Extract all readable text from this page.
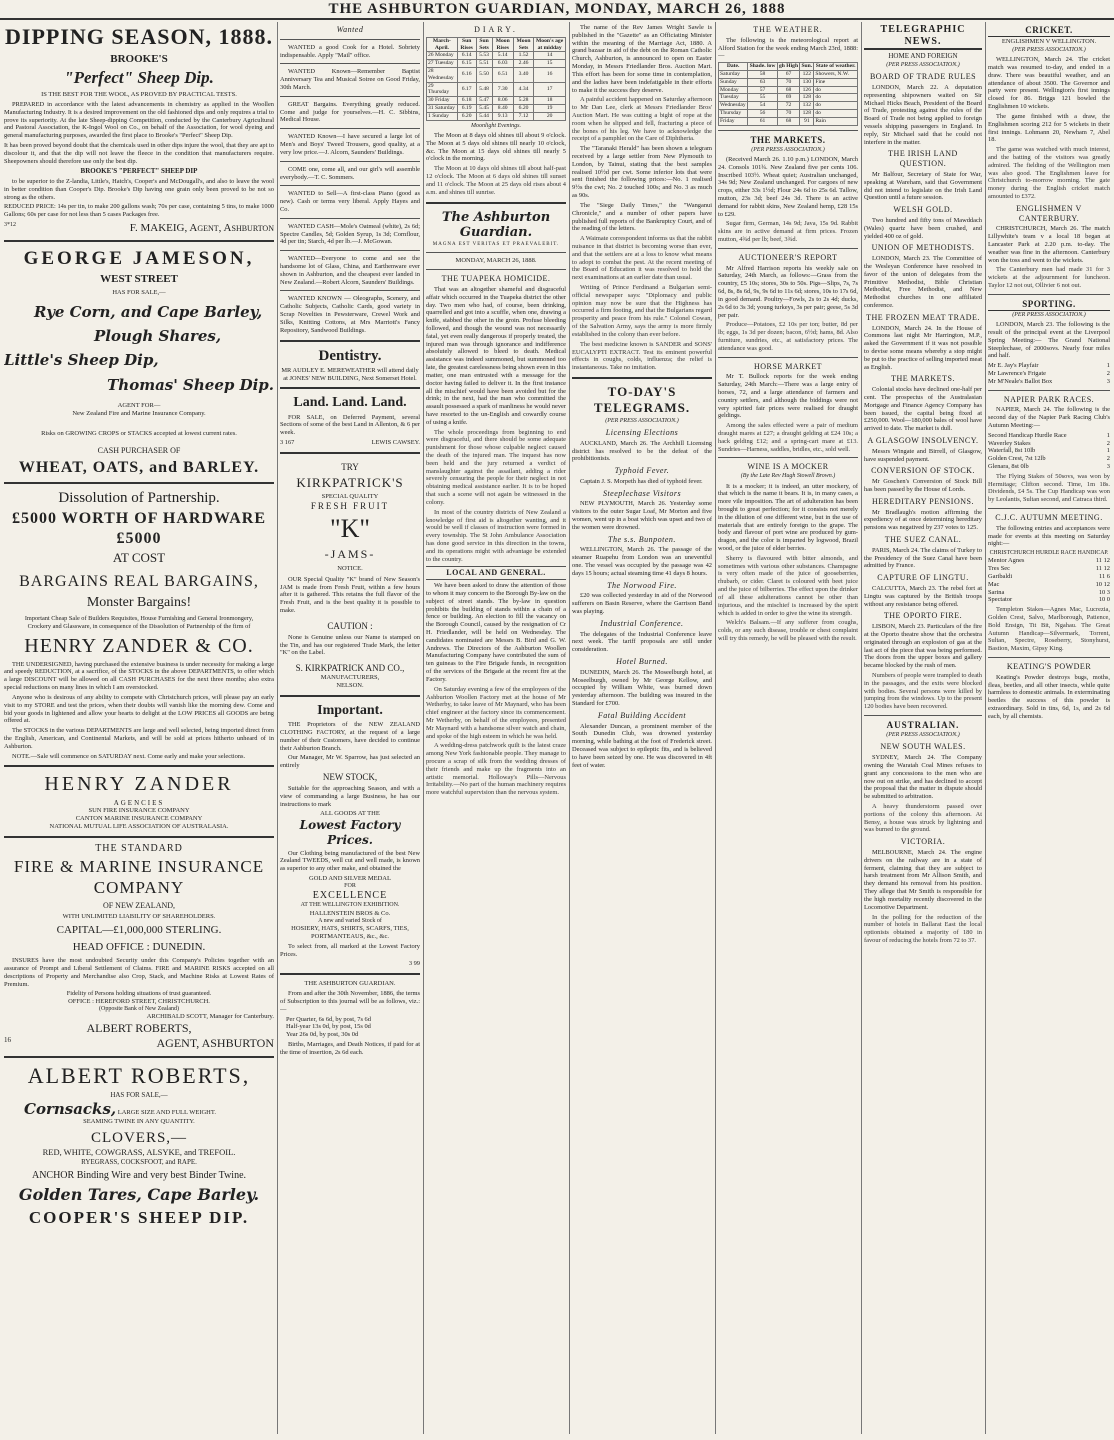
THE ASHBURTON GUARDIAN, MONDAY, MARCH 26, 1888
DIPPING SEASON, 1888.
BROOKE'S
"Perfect" Sheep Dip.
IS THE BEST FOR THE WOOL, AS PROVED BY PRACTICAL TESTS.
PREPARED in accordance with the latest advancements in chemistry as applied in the Woollen Manufacturing Industry. It is a desired improvement on the old fashioned dips and only requires a trial to prove its superiority. At the late Sheep-dipping Competition, conducted by the Canterbury Agricultural and Pastoral Association, the K-Ingol Wool on Co., on behalf of the Association, for wool dyeing and general manufacturing purposes, awarded the first place to Brooke's "Perfect" Sheep Dip.
It has been proved beyond doubt that the chemicals used in other dips injure the wool, that they are apt to discolour it, and that the dip will not leave the fleece in the condition that manufacturers require. Sheepowners should therefore use only the best dip.
BROOKE'S "PERFECT" SHEEP DIP
to be superior to the Z-landia, Little's, Hatch's, Cooper's and McDougall's, and also to leave the wool in better condition than Cooper's Dip. Brooke's Dip having one grain only been proved to be not so strong as the others.
REDUCED PRICE: 14s per tin, to make 200 gallons wash; 70s per case, containing 5 tins, to make 1000 Gallons; 60s per case for not less than 5 cases Packages free.
3*12	F. MAKEIG, Agent, Ashburton
GEORGE JAMESON,
WEST STREET
HAS FOR SALE,—
Rye Corn, and Cape Barley,
Plough Shares,
Little's Sheep Dip,
Thomas' Sheep Dip.
AGENT FOR—
New Zealand Fire and Marine Insurance Company.
Risks on GROWING CROPS or STACKS accepted at lowest current rates.
CASH PURCHASER OF
WHEAT, OATS, and BARLEY.
Dissolution of Partnership.
£5000 WORTH OF HARDWARE £5000
AT COST
BARGAINS REAL BARGAINS,
Monster Bargains!
Important Cheap Sale of Builders Requisites, House Furnishing and General Ironmongery, Crockery and Glassware, in consequence of the Dissolution of Partnership of the firm of
HENRY ZANDER & CO.
THE UNDERSIGNED, having purchased the extensive business is under necessity for making a large and speedy REDUCTION, at a sacrifice, of the STOCKS in the above DEPARTMENTS, to offer which a large DISCOUNT will be allowed on all CASH PURCHASES for the next three months; also extra special reductions on many lines in which I am overstocked.
Anyone who is desirous of any ability to compete with Christchurch prices, will please pay an early visit to my STORE and test the prices, when their doubts will vanish like the morning dew. Come and bid your goods in lightened and allow your hearts to delight at the LOW PRICES all GOODS are being offered at.
The STOCKS in the various DEPARTMENTS are large and well selected, being imported direct from the English, American, and Continental Markets, and will be sold at prices hitherto unheard of in Ashburton.
NOTE.—Sale will commence on SATURDAY next. Come early and make your selections.
HENRY ZANDER
AGENCIES
SUN FIRE INSURANCE COMPANY
CANTON MARINE INSURANCE COMPANY
NATIONAL MUTUAL LIFE ASSOCIATION OF AUSTRALASIA.
THE STANDARD
FIRE & MARINE INSURANCE COMPANY
OF NEW ZEALAND,
WITH UNLIMITED LIABILITY OF SHAREHOLDERS.
CAPITAL—£1,000,000 STERLING.
HEAD OFFICE : DUNEDIN.
INSURES have the most undoubted Security under this Company's Policies together with an assurance of Prompt and Liberal Settlement of Claims. FIRE and MARINE RISKS accepted on all descriptions of Property and Merchandise also Crop, Stack, and Machine Risks at Lowest Rates of Premium.
Fidelity of Persons holding situations of trust guaranteed.
OFFICE : HEREFORD STREET, CHRISTCHURCH.
(Opposite Bank of New Zealand)
ARCHIBALD SCOTT, Manager for Canterbury.
ALBERT ROBERTS,
16	AGENT, ASHBURTON
ALBERT ROBERTS,
HAS FOR SALE,—
Cornsacks, LARGE SIZE AND FULL WEIGHT.
SEAMING TWINE IN ANY QUANTITY.
CLOVERS,—
RED, WHITE, COWGRASS, ALSYKE, and TREFOIL.
RYEGRASS, COCKSFOOT, and RAPE.
ANCHOR Binding Wire and very best Binder Twine.
Golden Tares, Cape Barley.
COOPER'S SHEEP DIP.
Wanted
WANTED a good Cook for a Hotel. Sobriety indispensable. Apply "Mail" office.
WANTED Known—Remember Baptist Anniversary Tea and Musical Soiree on Good Friday, 30th March.
GREAT Bargains. Everything greatly reduced. Come and judge for yourselves.—H. C. Sibbins, Medical House.
WANTED Known—I have secured a large lot of Men's and Boys' Tweed Trousers, good quality, at a very low price.—J. Alcorn, Saunders' Buildings.
COME one, come all, and our girl's will assemble everybody.—T. C. Sommers.
WANTED to Sell—A first-class Piano (good as new). Cash or terms very liberal. Apply Hayes and Co.
WANTED CASH—Mole's Oatmeal (white), 2s 6d; Spectre Candles, 5d; Golden Syrup, 1s 3d; Cornflour, 4d per tin; Starch, 4d per lb.—J. McGowan.
WANTED—Everyone to come and see the handsome lot of Glass, China, and Earthenware ever shown in Ashburton, and the cheapest ever landed in New Zealand.—Robert Alcorn, Saunders' Buildings.
WANTED KNOWN — Oleographs, Scenery, and Catholic Subjects, Catholic Cards, good variety in Scrap Novelties in Pewsterware, Crewel Work and Silks, Knitting Cottons, at Mrs Marriott's Fancy Repository, Sandwood Buildings.
Dentistry.
MR AUDLEY E. MEREWEATHER will attend daily at JONES' NEW BUILDING, Next Somerset Hotel.
Land. Land. Land.
FOR SALE, on Deferred Payment, several Sections of some of the best Land in Allenton, & 6 per week.
3 167	LEWIS CAWSEY.
TRY
KIRKPATRICK'S
SPECIAL QUALITY
FRESH FRUIT
"K"
-JAMS-
NOTICE.
OUR Special Quality "K" brand of New Season's JAM is made from Fresh Fruit, within a few hours after it is gathered. This retains the full flavor of the Fresh Fruit, and is the best quality it is possible to make.
CAUTION :
None is Genuine unless our Name is stamped on the Tin, and has our registered Trade Mark, the letter "K" on the Label.
S. KIRKPATRICK AND CO.,
MANUFACTURERS,
NELSON.
Important.
THE Proprietors of the NEW ZEALAND CLOTHING FACTORY, at the request of a large number of their Customers, have decided to continue their Ashburton Branch.
Our Manager, Mr W. Sparrow, has just selected an entirely
NEW STOCK,
Suitable for the approaching Season, and with a view of commanding a large Business, he has our instructions to mark
ALL GOODS AT THE
Lowest Factory Prices.
Our Clothing being manufactured of the best New Zealand TWEEDS, well cut and well made, is known as superior to any other make, and obtained the
GOLD AND SILVER MEDAL
FOR
EXCELLENCE
AT THE WELLINGTON EXHIBITION.
HALLENSTEIN BROS & Co.
A new and varied Stock of
HOSIERY, HATS, SHIRTS, SCARFS, TIES, PORTMANTEAUS, &c., &c.
To select from, all marked at the Lowest Factory Prices.
3 99
THE ASHBURTON GUARDIAN.
From and after the 30th November, 1886, the terms of Subscription to this journal will be as follows, viz.:—
Per Quarter, 6s 6d, by post, 7s 6d
Half-year 13s 0d, by post, 15s 0d
Year 26s 0d, by post, 30s 0d
Births, Marriages, and Death Notices, if paid for at the time of insertion, 2s 6d each.
DIARY.
March-April.	Sun Rises	Sun Sets	Moon Rises	Moon Sets	Moon's age at midday
26 Monday	6.14	5.53	5.14	1.52	14
27 Tuesday	6.15	5.51	6.03	2.46	15
28 Wednesday	6.16	5.50	6.51	3.40	16
29 Thursday	6.17	5.48	7.30	4.34	17
30 Friday	6.18	5.47	8.06	5.28	18
31 Saturday	6.19	5.45	8.40	6.20	19
1 Sunday	6.20	5.44	9.13	7.12	20
Moonlight Evenings.
The Moon at 8 days old shines till about 9 o'clock. The Moon at 5 days old shines till nearly 10 o'clock, &c. The Moon at 15 days old shines till nearly 5 o'clock in the morning.
The Moon at 10 days old shines till about half-past 12 o'clock. The Moon at 6 days old shines till sunset and 11 o'clock. The Moon at 25 days old rises about 4 a.m. and shines till sunrise.
The Ashburton Guardian.
MAGNA EST VERITAS ET PRAEVALEBIT.
MONDAY, MARCH 26, 1888.
THE TUAPEKA HOMICIDE.
That was an altogether shameful and disgraceful affair which occurred in the Tuapeka district the other day. Two men who had, of course, been drinking, quarrelled and got into a scuffle, when one, drawing a knife, stabbed the other in the groin. Profuse bleeding followed, and though the wound was not necessarily fatal, yet even really dangerous if properly treated, the injured man was through ignorance and indifference absolutely allowed to bleed to death. Medical assistance was indeed summoned, but summoned too late, the greatest carelessness being shown even in this matter, one man entrusted with a message for the doctor having failed to deliver it. In the first instance all the mischief would have been avoided but for the drink; in the next, had the man who committed the assault possessed a spark of manliness he would never have resorted to the un-English and cowardly course of using a knife.
The whole proceedings from beginning to end were disgraceful, and there should be some adequate punishment for those whose culpable neglect caused the death of the injured man. The inquest has now been held and the jury returned a verdict of manslaughter against the assailant, adding a rider severely censuring the people for their neglect in not obtaining medical assistance earlier. It is to be hoped that such a scene will not again be witnessed in the colony.
In most of the country districts of New Zealand a knowledge of first aid is altogether wanting, and it would be well if classes of instruction were formed in every township. The St John Ambulance Association has done good service in this direction in the towns, and its operations might with advantage be extended to the country.
LOCAL AND GENERAL.
We have been asked to draw the attention of those to whom it may concern to the Borough By-law on the subject of street stands. The by-law in question prohibits the building of stands within a chain of a fence or building. An election to fill the vacancy on the Borough Council, caused by the resignation of Cr H. Friedlander, will be held on Wednesday. The candidates nominated are Messrs B. Bird and G. W. Andrews. The Directors of the Ashburton Woollen Manufacturing Company have contributed the sum of ten guineas to the Fire Brigade funds, in recognition of the services of the Brigade at the recent fire at the Factory.
On Saturday evening a few of the employees of the Ashburton Woollen Factory met at the house of Mr Wetherby, to take leave of Mr Maynard, who has been chief engineer at the factory since its commencement. Mr Wetherby, on behalf of the employees, presented Mr Maynard with a handsome silver watch and chain, and spoke of the high esteem in which he was held.
A wedding-dress patchwork quilt is the latest craze among New York fashionable people. They manage to procure a scrap of silk from the wedding dresses of their friends and make up the fragments into an artistic memorial. Holloway's Pills—Nervous Irritability.—No part of the human machinery requires more watchful supervision than the nervous system.
The name of the Rev James Wright Sawle is published in the "Gazette" as an Officiating Minister within the meaning of the Marriage Act, 1880. A grand bazaar in aid of the debt on the Roman Catholic Church, Ashburton, is announced to open on Easter Monday, in Messrs Friedlander Bros. Auction Mart. This effort has been for some time in contemplation, and the ladies have been indefatigable in their efforts to make it the success they deserve.
A painful accident happened on Saturday afternoon to Mr Dan Lee, clerk at Messrs Friedlander Bros' Auction Mart. He was cutting a bight of rope at the room when he slipped and fell, fracturing a piece of the bones of his leg. We have to acknowledge the receipt of a pamphlet on the Care of Diphtheria.
The "Taranaki Herald" has been shown a telegram received by a large settler from New Plymouth to London, by Tainui, stating that the best samples realised 10½d per cwt. Some inferior lots that were sent finished the following prices:—No. 1 realised 9½s the cwt; No. 2 touched 100s; and No. 3 as much as 90s.
The "Siege Daily Times," the "Wanganui Chronicle," and a number of other papers have published full reports of the Bankruptcy Court, and of the reading of the letters.
A Waimate correspondent informs us that the rabbit nuisance in that district is becoming worse than ever, and that the settlers are at a loss to know what means to adopt to combat the pest. At the recent meeting of the Board of Education it was resolved to hold the next examinations at an earlier date than usual.
Writing of Prince Ferdinand a Bulgarian semi-official newspaper says: "Diplomacy and public opinion may now be sure that the Highness has occurred a firm footing, and that the Bulgarians regard prosperity and peace from his rule." Colonel Cowan, of the Salvation Army, says the army is more firmly established in the colony than ever before.
The best medicine known is SANDER and SONS' EUCALYPTI EXTRACT. Test its eminent powerful effects in coughs, colds, influenza; the relief is instantaneous. Take no imitation.
TO-DAY'S TELEGRAMS.
(PER PRESS ASSOCIATION.)
Licensing Elections
AUCKLAND, March 26. The Archhill Licensing district has resolved to be the defeat of the prohibitionists.
Typhoid Fever.
Captain J. S. Morpeth has died of typhoid fever.
Steeplechase Visitors
NEW PLYMOUTH, March 26. Yesterday some visitors to the outer Sugar Loaf, Mr Morton and five women, went up in a boat which was upset and two of the women were drowned.
The s.s. Bunpoten.
WELLINGTON, March 26. The passage of the steamer Ruapehu from London was an uneventful one. The vessel was occupied by the passage was 42 days 15 hours; actual steaming time 41 days 8 hours.
The Norwood Fire.
£20 was collected yesterday in aid of the Norwood sufferers on Basin Reserve, where the Garrison Band was playing.
Industrial Conference.
The delegates of the Industrial Conference leave next week. The tariff proposals are still under consideration.
Hotel Burned.
DUNEDIN, March 26. The Moseelburgh hotel, at Moseelburgh, owned by Mr George Kellow, and occupied by William White, was burned down yesterday afternoon. The building was insured in the Standard for £700.
Fatal Building Accident
Alexander Duncan, a prominent member of the South Dunedin Club, was drowned yesterday morning, while bathing at the foot of Frederick street. Deceased was subject to epileptic fits, and is believed to have been seized by one. He was discovered in 4ft feet of water.
THE WEATHER.
The following is the meteorological report at Alford Station for the week ending March 23rd, 1888:—
Date.	Shade. low	gh High	Sun.	State of weather.
Saturday	58	67	122	Showers, N.W.
Sunday	63	70	130	Fine
Monday	57	68	126	do
Tuesday	55	69	128	do
Wednesday	54	72	132	do
Thursday	56	70	128	do
Friday	61	68	91	Rain
THE MARKETS.
(PER PRESS ASSOCIATION.)
(Received March 26. 1.10 p.m.) LONDON, March 24. Consols 101¾. New Zealand five per cents 106. Inscribed 103½. Wheat quiet; Australian unchanged, 34s 9d; New Zealand unchanged. For cargoes of new crops, either 33s 1½d; Flour 24s 6d to 25s 6d. Tallow, mutton, 23s 3d; beef 24s 3d. There is an active demand for rabbit skins, New Zealand hemp, £28 15s to £29.
Sugar firm, German, 14s 9d; Java, 15s 9d. Rabbit skins are in active demand at firm prices. Frozen mutton, 4¾d per lb; beef, 3¾d.
AUCTIONEER'S REPORT
Mr Alfred Harrison reports his weekly sale on Saturday, 24th March, as follows:—Grass from the country, £5 10s; stores, 30s to 50s. Pigs—Slips, 7s, 7s 6d, 8s, 8s 6d, 9s, 9s 6d to 11s 6d; stores, 10s to 17s 6d, in good demand. Poultry—Fowls, 2s to 2s 4d; ducks, 2s 6d to 3s 3d; young turkeys, 3s per pair; geese, 5s 3d per pair.
Produce—Potatoes, £2 10s per ton; butter, 8d per lb; eggs, 1s 3d per dozen; bacon, 6½d; hams, 8d. Also furniture, sundries, etc., at satisfactory prices. The attendance was good.
HORSE MARKET
Mr T. Bullock reports for the week ending Saturday, 24th March:—There was a large entry of horses, 72, and a large attendance of farmers and country settlers, and although the biddings were not very spirited fair prices were realised for draught geldings.
Among the sales effected were a pair of medium draught mares at £27; a draught gelding at £24 10s; a hack gelding £12; and a spring-cart mare at £13. Sundries—Harness, saddles, bridles, etc., sold well.
WINE IS A MOCKER
(By the Late Rev Hugh Stowell Brown.)
It is a mocker; it is indeed, an utter mockery, of that which is the name it bears. It is, in many cases, a more vile imposition. The art of adulteration has been brought to great perfection; for it consists not merely in the dilution of one different wine, but in the use of materials that are entirely foreign to the grape. The body and flavour of port wine are produced by gum-dragon, and the color is imparted by logwood, Brazil wood, or the juice of elder berries.
Sherry is flavoured with bitter almonds, and sometimes with various other substances. Champagne is very often made of the juice of gooseberries, rhubarb, or cider. Claret is coloured with beet juice and the juice of bilberries. The effect upon the drinker of all these adulterations cannot be other than injurious, and the mischief is increased by the spirit which is added in order to give the wine its strength.
Welch's Balsam.—If any sufferer from coughs, colds, or any such disease, trouble or chest complaint will try this remedy, he will be pleased with the result.
TELEGRAPHIC NEWS.
HOME AND FOREIGN
(PER PRESS ASSOCIATION.)
BOARD OF TRADE RULES
LONDON, March 22. A deputation representing shipowners waited on Sir Michael Hicks Beach, President of the Board of Trade, protesting against the rules of the Board of Trade not being applied to foreign vessels shipping passengers in England. In reply, Sir Michael said that he could not interfere in the matter.
THE IRISH LAND QUESTION.
Mr Balfour, Secretary of State for War, speaking at Wareham, said that Government did not intend to legislate on the Irish Land Question until a future session.
WELSH GOLD.
Two hundred and fifty tons of Mawddach (Wales) quartz have been crushed, and yielded 400 oz of gold.
UNION OF METHODISTS.
LONDON, March 23. The Committee of the Wesleyan Conference have resolved in favor of the union of delegates from the Primitive Methodist, Bible Christian Methodist, Free Methodist, and New Methodist churches in one affiliated conference.
THE FROZEN MEAT TRADE.
LONDON, March 24. In the House of Commons last night Mr Harrington, M.P., asked the Government if it was not possible to devise some means whereby a stop might be put to the practice of selling imported meat as English.
THE MARKETS.
Colonial stocks have declined one-half per cent. The prospectus of the Australasian Mortgage and Finance Agency Company has been issued, the capital being fixed at £250,000. Wool—180,000 bales of wool have arrived to date. The market is dull.
A GLASGOW INSOLVENCY.
Messrs Wingate and Birrell, of Glasgow, have suspended payment.
CONVERSION OF STOCK.
Mr Goschen's Conversion of Stock Bill has been passed by the House of Lords.
HEREDITARY PENSIONS.
Mr Bradlaugh's motion affirming the expediency of at once determining hereditary pensions was negatived by 237 votes to 125.
THE SUEZ CANAL.
PARIS, March 24. The claims of Turkey to the Presidency of the Suez Canal have been admitted by France.
CAPTURE OF LINGTU.
CALCUTTA, March 23. The rebel fort at Lingtu was captured by the British troops without any resistance being offered.
THE OPORTO FIRE.
LISBON, March 23. Particulars of the fire at the Oporto theatre show that the orchestra originated through an explosion of gas at the last act of the piece that was being performed. The doors from the upper boxes and gallery became blocked by the rush of men.
Numbers of people were trampled to death in the passages, and the exits were blocked with bodies. Several persons were killed by jumping from the windows. Up to the present 120 bodies have been recovered.
AUSTRALIAN.
(PER PRESS ASSOCIATION.)
NEW SOUTH WALES.
SYDNEY, March 24. The Company owning the Waratah Coal Mines refuses to grant any concessions to the men who are now out on strike, and has declined to accept the proposal that the matter in dispute should be submitted to arbitration.
A heavy thunderstorm passed over portions of the colony this afternoon. At Bensy, a house was struck by lightning and was burned to the ground.
VICTORIA.
MELBOURNE, March 24. The engine drivers on the railway are in a state of ferment, claiming that they are subject to harsh treatment from Mr Allison Smith, and they demand his removal from his position. They allege that Mr Smith is responsible for the high mortality recently discovered in the Locomotive Department.
In the polling for the reduction of the number of hotels in Ballarat East the local optionists obtained a majority of 180 in favour of reducing the hotels from 72 to 37.
CRICKET.
ENGLISHMEN V WELLINGTON.
(PER PRESS ASSOCIATION.)
WELLINGTON, March 24. The cricket match was resumed to-day, and ended in a draw. There was beautiful weather, and an attendance of about 3500. The Governor and party were present. Wellington's first innings closed for 86. Briggs 121 bowled the Englishmen 10 wickets.
The game finished with a draw, the Englishmen scoring 212 for 5 wickets in their first innings. Lohmann 20, Newham 7, Abel 18.
The game was watched with much interest, and the batting of the visitors was greatly admired. The fielding of the Wellington men was also good. The Englishmen leave for Christchurch to-morrow morning. The gate money during the English cricket match amounted to £372.
ENGLISHMEN V CANTERBURY.
CHRISTCHURCH, March 26. The match Lillywhite's team v a local 18 began at Lancaster Park at 2.20 p.m. to-day. The weather was fine in the afternoon. Canterbury won the toss and went to the wickets.
The Canterbury men had made 31 for 3 wickets at the adjournment for luncheon. Taylor 12 not out, Ollivier 6 not out.
SPORTING.
(PER PRESS ASSOCIATION.)
LONDON, March 23. The following is the result of the principal event at the Liverpool Spring Meeting:— The Grand National Steeplechase, of 2000sovs. Nearly four miles and half.
Mr E. Jay's Playfair	1
Mr Lawrence's Frigate	2
Mr M'Neale's Ballot Box	3
NAPIER PARK RACES.
NAPIER, March 24. The following is the second day of the Napier Park Racing Club's Autumn Meeting:—
Second Handicap Hurdle Race	1
Waverley Stakes	2
Waterfall, 8st 10lb	1
Golden Crest, 7st 12lb	2
Glenara, 8st 0lb	3
The Flying Stakes of 50sovs, was won by Hermitage; Clifton second. Time, 1m 18s. Dividends, £4 5s. The Cup Handicap was won by Leolantis, Sultan second, and Catraca third.
C.J.C. AUTUMN MEETING.
The following entries and acceptances were made for events at this meeting on Saturday night:—
CHRISTCHURCH HURDLE RACE HANDICAP.
Mentor Agnes	11 12
Tres Sec	11 12
Garibaldi	11 6
Mac	10 12
Sarina	10 3
Spectator	10 0
Templeton Stakes—Agnes Mac, Lucrezia, Golden Crest, Salvo, Marlborough, Patience, Bold Ensign, Tit Bit, Ngahau. The Great Autumn Handicap—Silvermark, Torrent, Sultan, Spectre, Roseberry, Stonyhurst, Bastion, Maxim, Gipsy King.
KEATING'S POWDER
Keating's Powder destroys bugs, moths, fleas, beetles, and all other insects, while quite harmless to domestic animals. In exterminating beetles the success of this powder is extraordinary. Sold in tins, 6d, 1s, and 2s 6d each, by all chemists.
